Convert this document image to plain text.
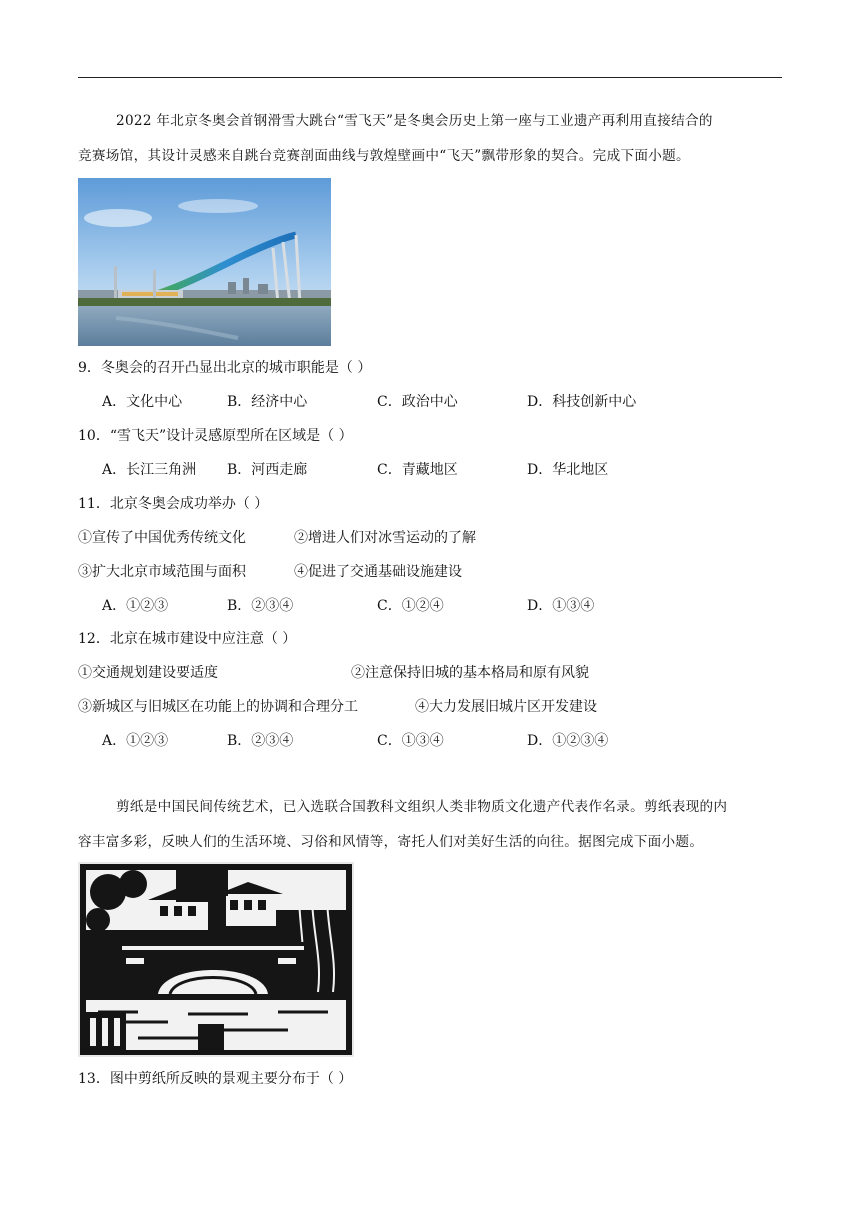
2022 年北京冬奥会首钢滑雪大跳台“雪飞天”是冬奥会历史上第一座与工业遗产再利用直接结合的
竞赛场馆，其设计灵感来自跳台竞赛剖面曲线与敦煌壁画中“飞天”飘带形象的契合。完成下面小题。
9．冬奥会的召开凸显出北京的城市职能是（ ）
A．文化中心	B．经济中心	C．政治中心	D．科技创新中心
10．“雪飞天”设计灵感原型所在区域是（ ）
A．长江三角洲 B．河西走廊	C．青藏地区	D．华北地区
11．北京冬奥会成功举办（ ）
①宣传了中国优秀传统文化	②增进人们对冰雪运动的了解
③扩大北京市域范围与面积	④促进了交通基础设施建设
A．①②③	B．②③④	C．①②④	D．①③④
12．北京在城市建设中应注意（ ）
①交通规划建设要适度	②注意保持旧城的基本格局和原有风貌
③新城区与旧城区在功能上的协调和合理分工	④大力发展旧城片区开发建设
A．①②③	B．②③④	C．①③④	D．①②③④
剪纸是中国民间传统艺术，已入选联合国教科文组织人类非物质文化遗产代表作名录。剪纸表现的内
容丰富多彩，反映人们的生活环境、习俗和风情等，寄托人们对美好生活的向往。据图完成下面小题。
13．图中剪纸所反映的景观主要分布于（ ）
